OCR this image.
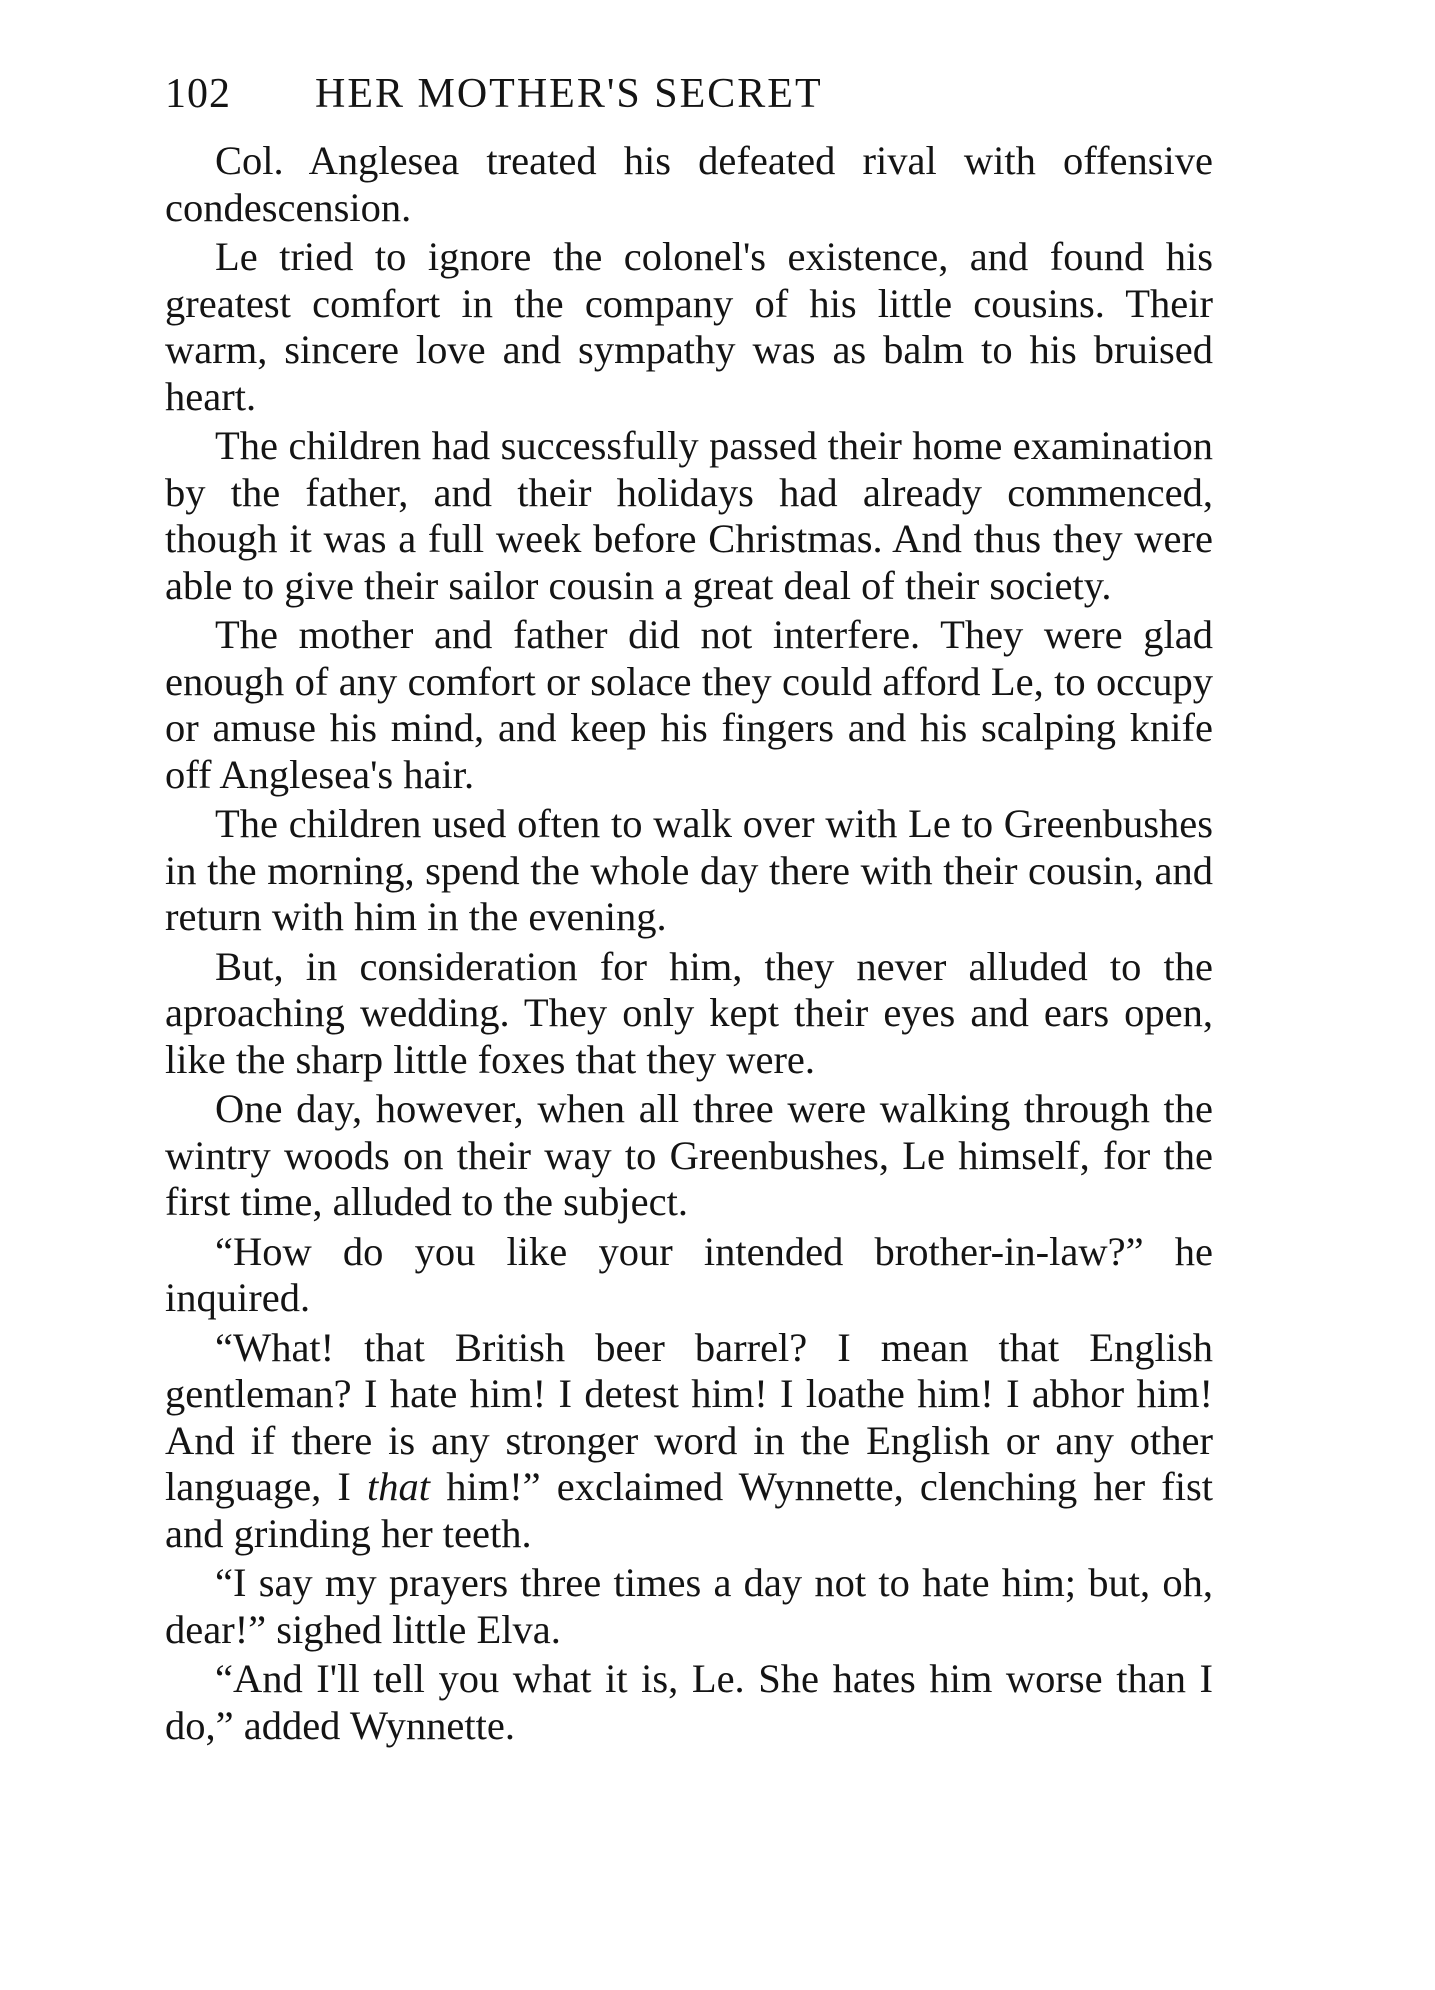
102	HER MOTHER'S SECRET

Col. Anglesea treated his defeated rival with offensive condescension.

Le tried to ignore the colonel's existence, and found his greatest comfort in the company of his little cousins. Their warm, sincere love and sympathy was as balm to his bruised heart.

The children had successfully passed their home examination by the father, and their holidays had already commenced, though it was a full week before Christmas. And thus they were able to give their sailor cousin a great deal of their society.

The mother and father did not interfere. They were glad enough of any comfort or solace they could afford Le, to occupy or amuse his mind, and keep his fingers and his scalping knife off Anglesea's hair.

The children used often to walk over with Le to Greenbushes in the morning, spend the whole day there with their cousin, and return with him in the evening.

But, in consideration for him, they never alluded to the aproaching wedding. They only kept their eyes and ears open, like the sharp little foxes that they were.

One day, however, when all three were walking through the wintry woods on their way to Greenbushes, Le himself, for the first time, alluded to the subject.

“How do you like your intended brother-in-law?” he inquired.

“What! that British beer barrel? I mean that English gentleman? I hate him! I detest him! I loathe him! I abhor him! And if there is any stronger word in the English or any other language, I that him!” exclaimed Wynnette, clenching her fist and grinding her teeth.

“I say my prayers three times a day not to hate him; but, oh, dear!” sighed little Elva.

“And I'll tell you what it is, Le. She hates him worse than I do,” added Wynnette.
